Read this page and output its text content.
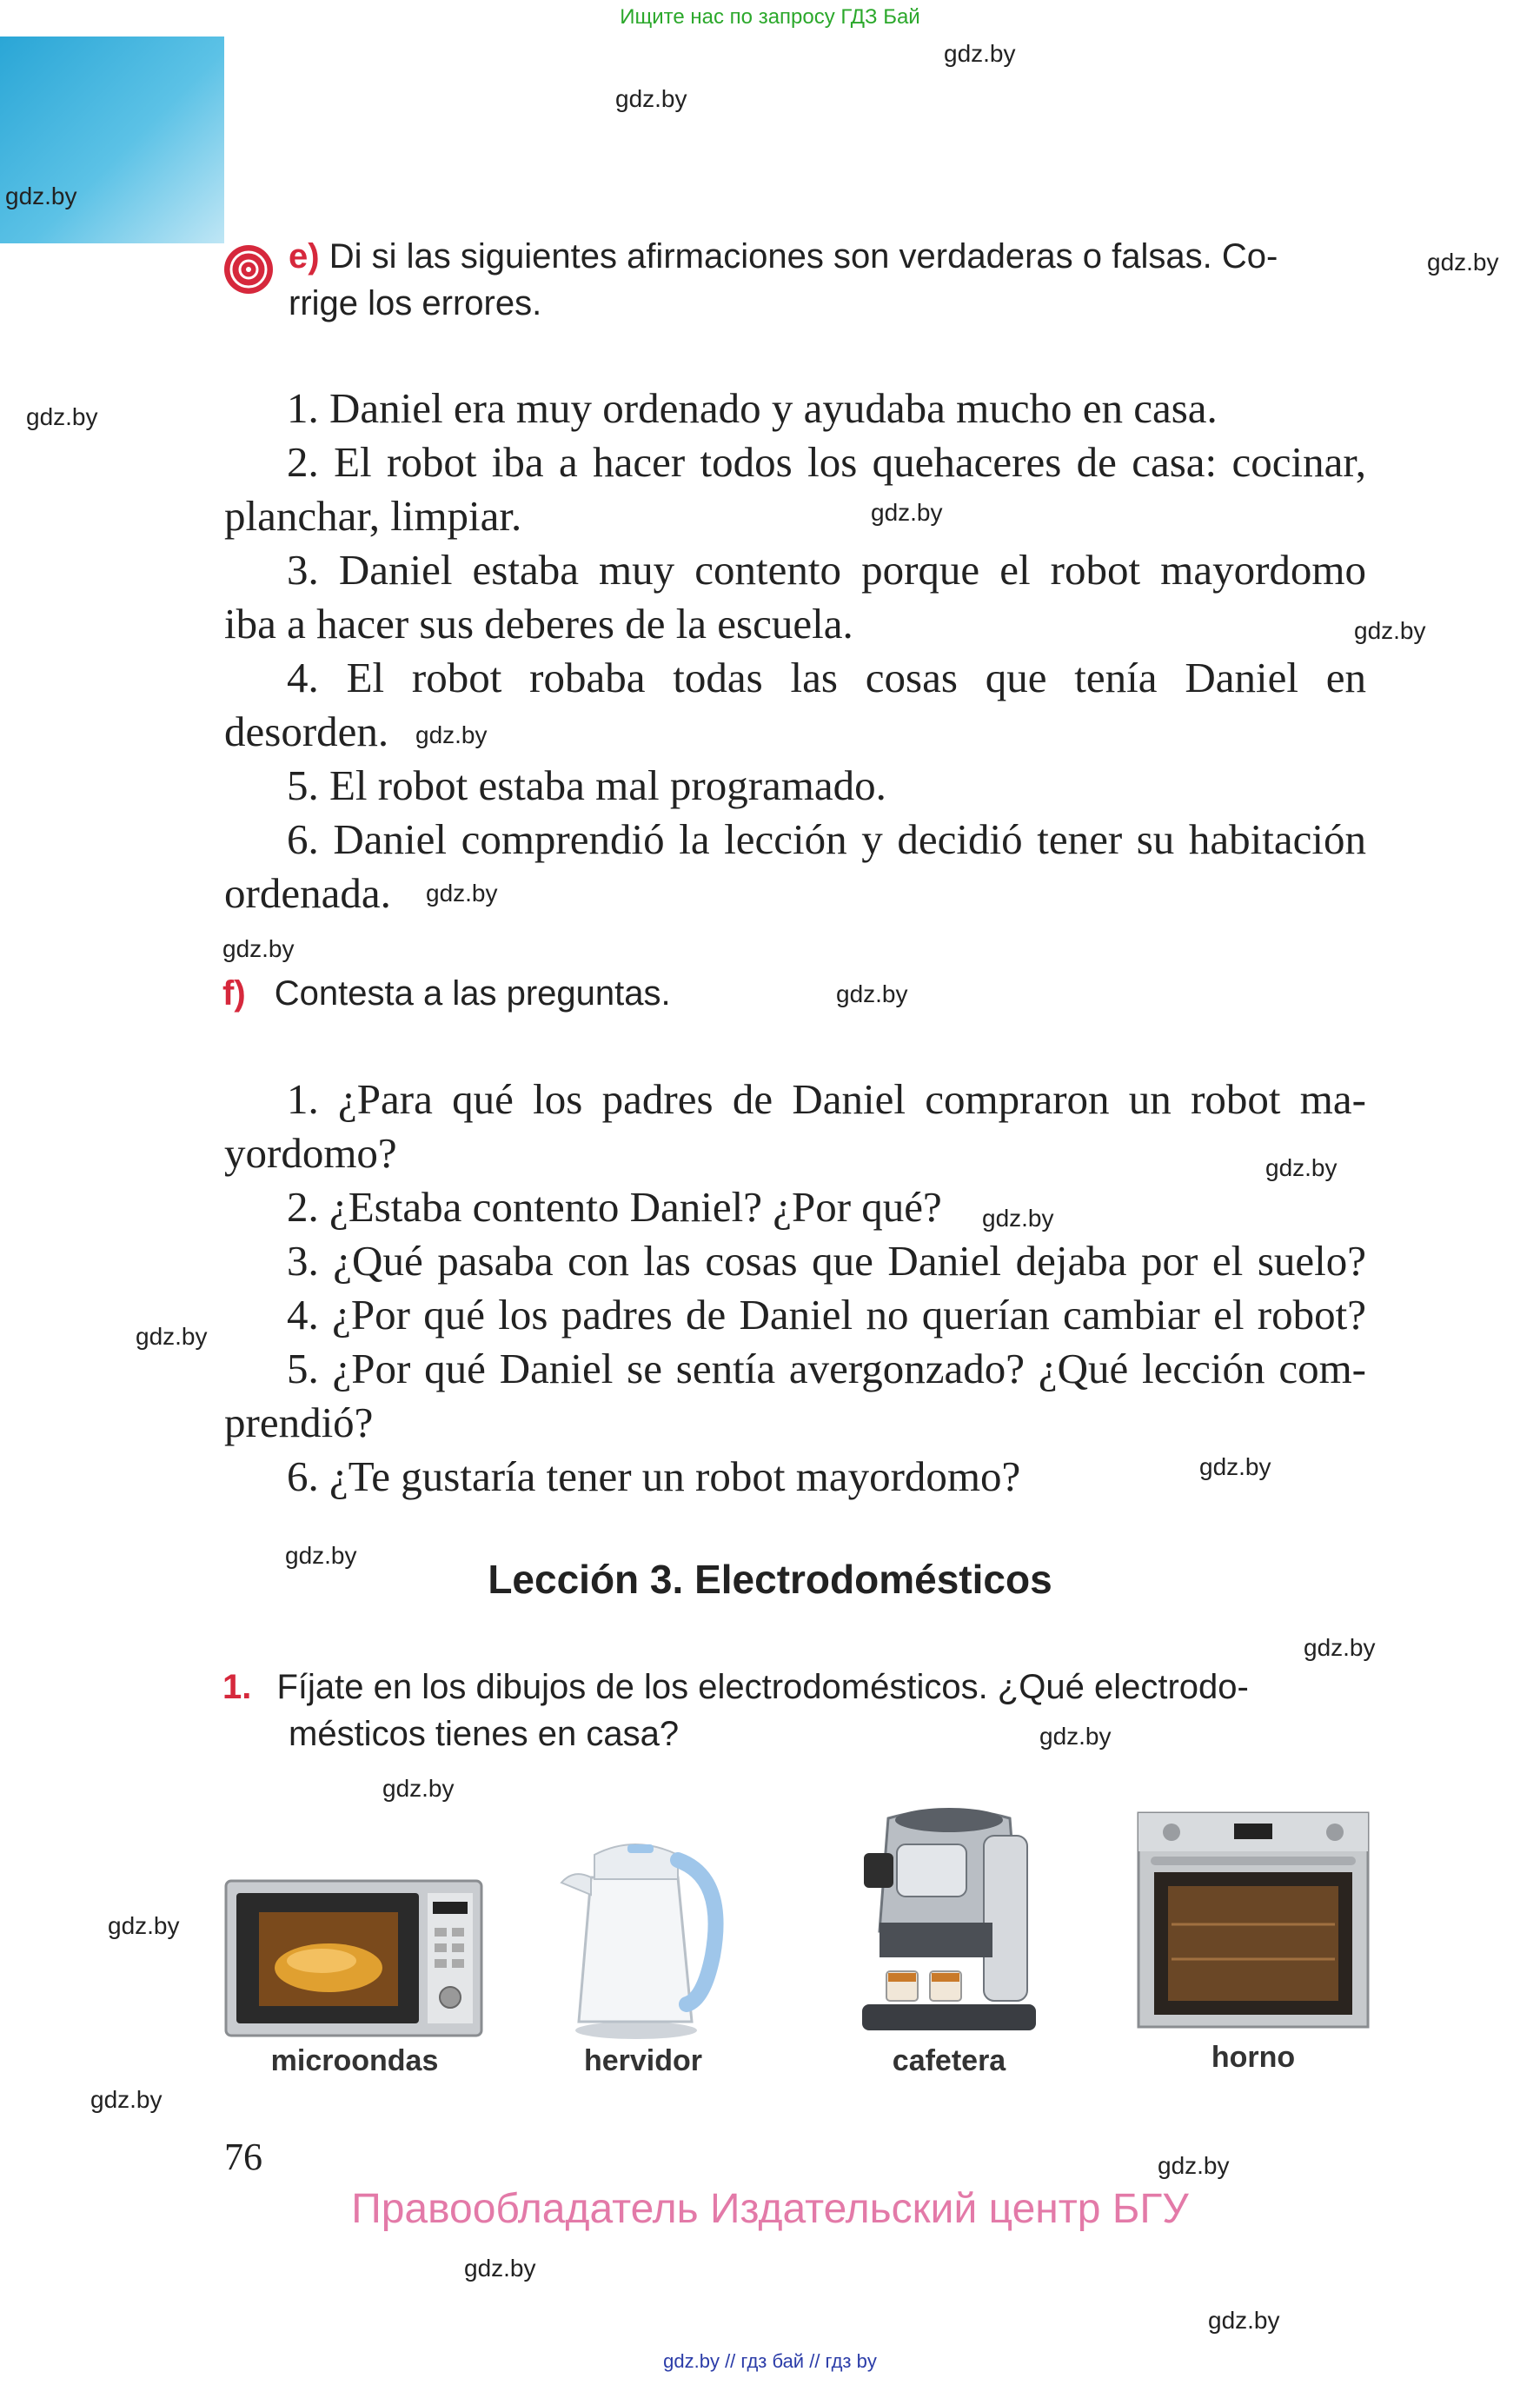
Ищите нас по запросу ГДЗ Бай
gdz.by
gdz.by
gdz.by
gdz.by
gdz.by
gdz.by
gdz.by
gdz.by
gdz.by
gdz.by
gdz.by
gdz.by
gdz.by
gdz.by
gdz.by
gdz.by
gdz.by
gdz.by
gdz.by
gdz.by
gdz.by
gdz.by
gdz.by
gdz.by
e) Di si las siguientes afirmaciones son verdaderas o falsas. Co-
rrige los errores.
1. Daniel era muy ordenado y ayudaba mucho en casa.
2. El robot iba a hacer todos los quehaceres de casa: cocinar,
planchar, limpiar.
3. Daniel estaba muy contento porque el robot mayordomo
iba a hacer sus deberes de la escuela.
4. El robot robaba todas las cosas que tenía Daniel en
desorden.
5. El robot estaba mal programado.
6. Daniel comprendió la lección y decidió tener su habitación
ordenada.
f) Contesta a las preguntas.
1. ¿Para qué los padres de Daniel compraron un robot ma-
yordomo?
2. ¿Estaba contento Daniel? ¿Por qué?
3. ¿Qué pasaba con las cosas que Daniel dejaba por el suelo?
4. ¿Por qué los padres de Daniel no querían cambiar el robot?
5. ¿Por qué Daniel se sentía avergonzado? ¿Qué lección com-
prendió?
6. ¿Te gustaría tener un robot mayordomo?
Lección 3. Electrodomésticos
1. Fíjate en los dibujos de los electrodomésticos. ¿Qué electrodo-
mésticos tienes en casa?
microondas	hervidor	cafetera	horno
76
Правообладатель Издательский центр БГУ
gdz.by // гдз бай // гдз by
